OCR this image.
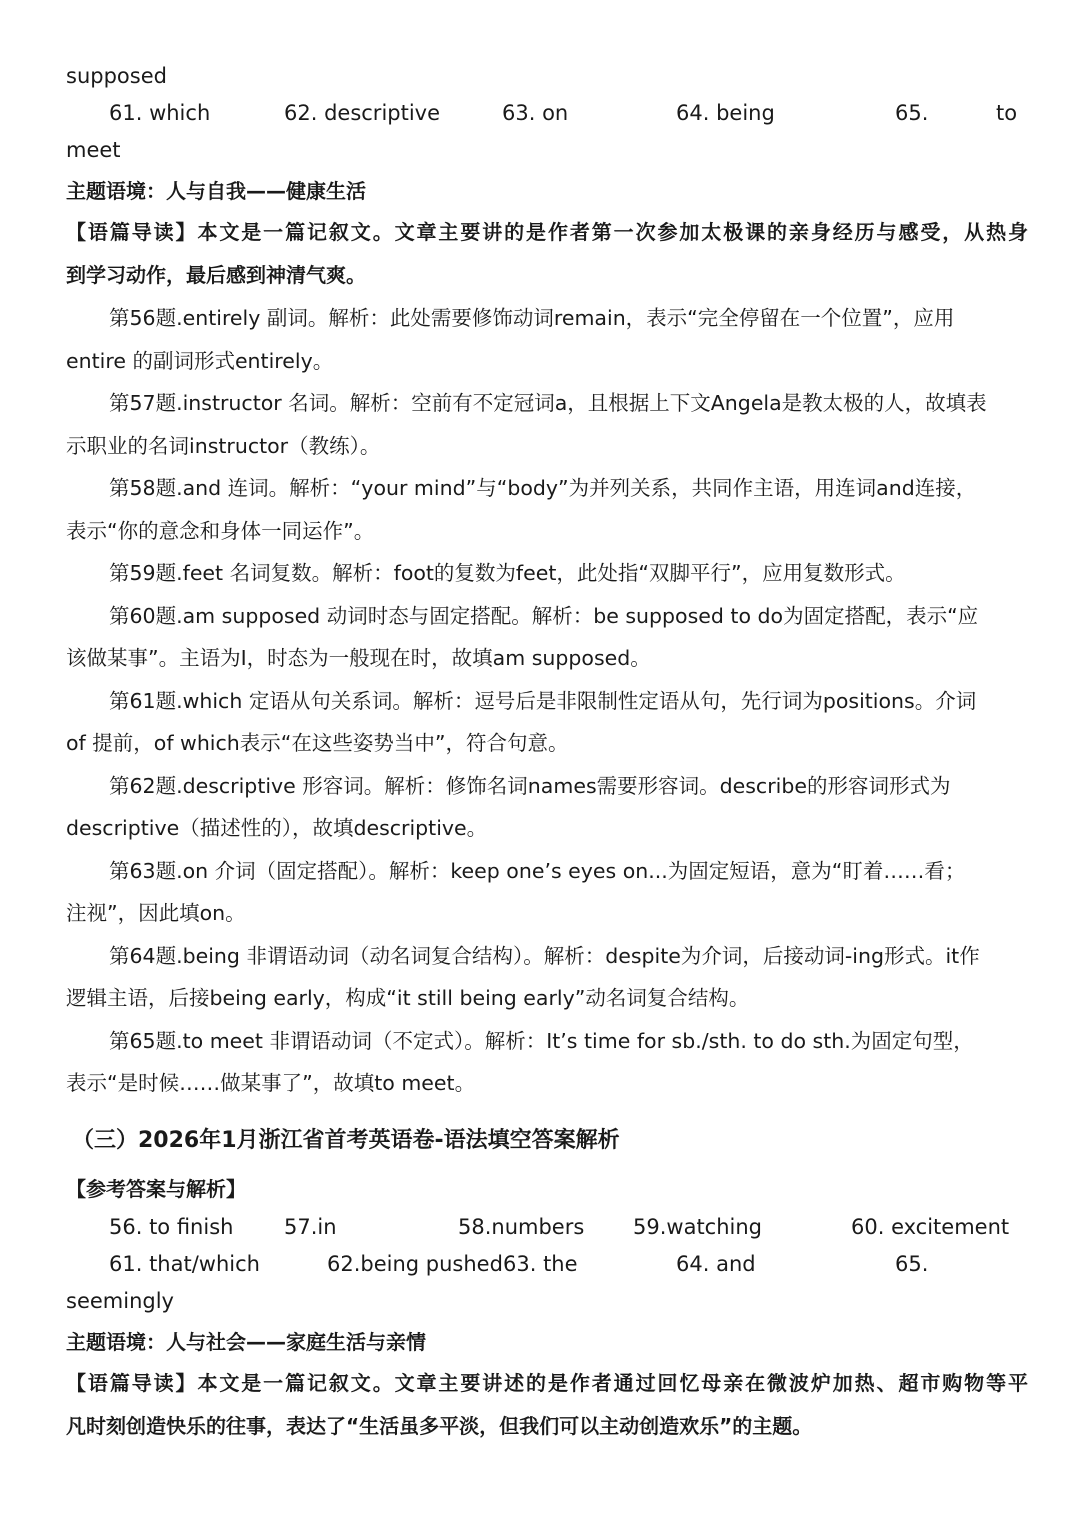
supposed
61. which	62. descriptive	63. on	64. being	65.	to
meet
主题语境：人与自我——健康生活
【语篇导读】本文是一篇记叙文。文章主要讲的是作者第一次参加太极课的亲身经历与感受，从热身
到学习动作，最后感到神清气爽。
第56题.entirely 副词。解析：此处需要修饰动词remain，表示“完全停留在一个位置”，应用
entire 的副词形式entirely。
第57题.instructor 名词。解析：空前有不定冠词a，且根据上下文Angela是教太极的人，故填表
示职业的名词instructor（教练）。
第58题.and 连词。解析：“your mind”与“body”为并列关系，共同作主语，用连词and连接，
表示“你的意念和身体一同运作”。
第59题.feet 名词复数。解析：foot的复数为feet，此处指“双脚平行”，应用复数形式。
第60题.am supposed 动词时态与固定搭配。解析：be supposed to do为固定搭配，表示“应
该做某事”。主语为I，时态为一般现在时，故填am supposed。
第61题.which 定语从句关系词。解析：逗号后是非限制性定语从句，先行词为positions。介词
of 提前，of which表示“在这些姿势当中”，符合句意。
第62题.descriptive 形容词。解析：修饰名词names需要形容词。describe的形容词形式为
descriptive（描述性的），故填descriptive。
第63题.on 介词（固定搭配）。解析：keep one’s eyes on...为固定短语，意为“盯着……看；
注视”，因此填on。
第64题.being 非谓语动词（动名词复合结构）。解析：despite为介词，后接动词-ing形式。it作
逻辑主语，后接being early，构成“it still being early”动名词复合结构。
第65题.to meet 非谓语动词（不定式）。解析：It’s time for sb./sth. to do sth.为固定句型，
表示“是时候……做某事了”，故填to meet。
（三）2026年1月浙江省首考英语卷-语法填空答案解析
【参考答案与解析】
56. to finish 57.in	58.numbers 59.watching	60. excitement
61. that/which	62.being pushed 63. the	64. and	65.
seemingly
主题语境：人与社会——家庭生活与亲情
【语篇导读】本文是一篇记叙文。文章主要讲述的是作者通过回忆母亲在微波炉加热、超市购物等平
凡时刻创造快乐的往事，表达了“生活虽多平淡，但我们可以主动创造欢乐”的主题。
